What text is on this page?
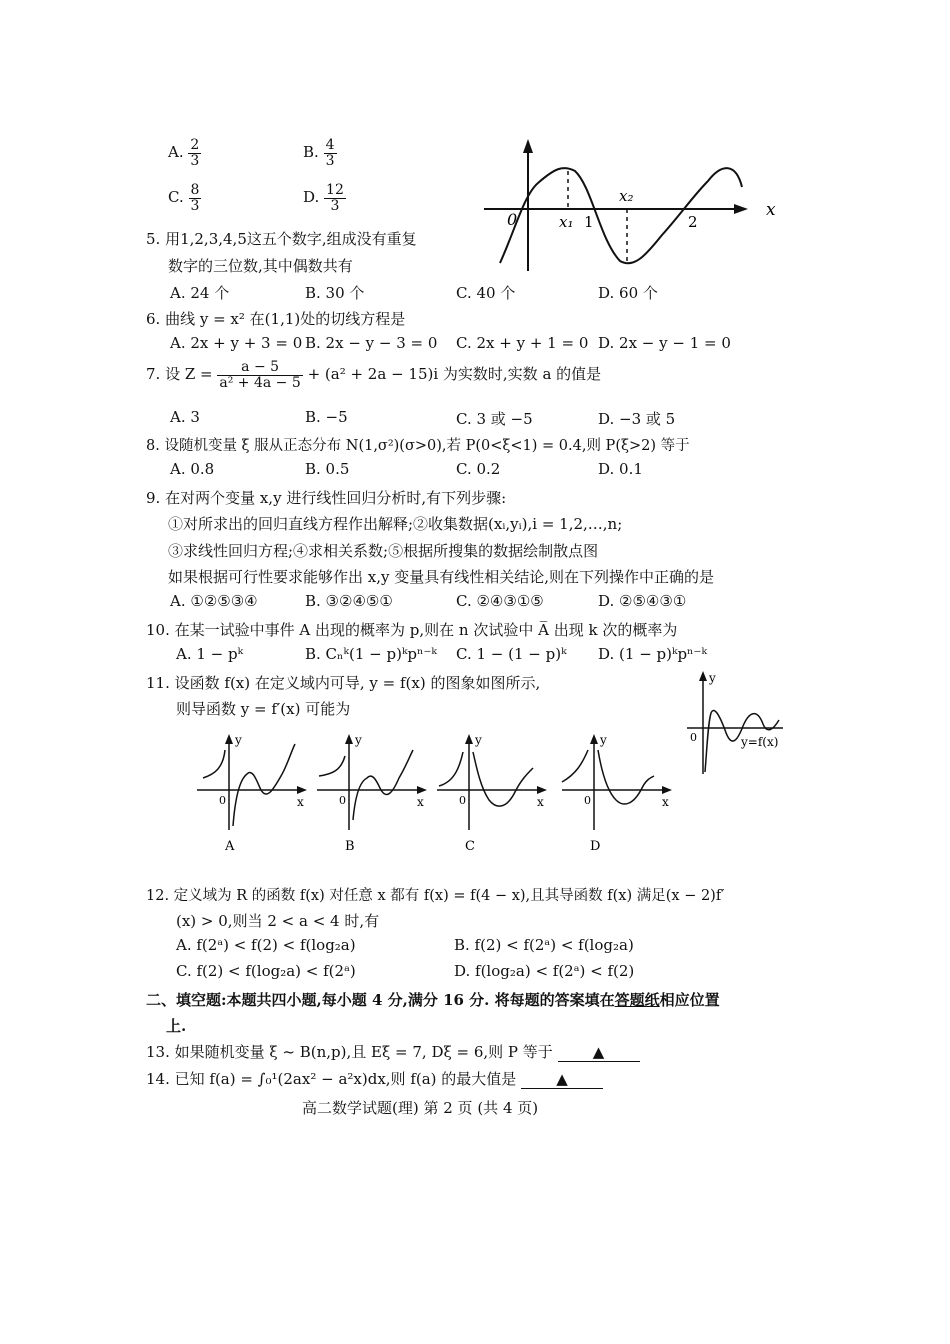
A. $\frac{2}{3}$	B. $\frac{4}{3}$
C. $\frac{8}{3}$	D. $\frac{12}{3}$
0	x₁ 1
x₂
2
x
5. 用1,2,3,4,5这五个数字,组成没有重复
数字的三位数,其中偶数共有
A. 24 个	B. 30 个	C. 40 个	D. 60 个
6. 曲线 y = x² 在(1,1)处的切线方程是
A. 2x + y + 3 = 0 B. 2x − y − 3 = 0 C. 2x + y + 1 = 0 D. 2x − y − 1 = 0
7. 设 $Z = \frac{a - 5}{\text{a² + 4a − 5}} + (a^2 + 2a - 15)i$ 为实数时,实数 a 的值是
A. 3	B. −5	C. 3 或 −5	D. −3 或 5
8. 设随机变量 ξ 服从正态分布 N(1,σ²)(σ>0),若 P(0<ξ<1) = 0.4,则 P(ξ>2) 等于
A. 0.8	B. 0.5	C. 0.2	D. 0.1
9. 在对两个变量 x,y 进行线性回归分析时,有下列步骤:
①对所求出的回归直线方程作出解释;②收集数据(xᵢ,yᵢ),i = 1,2,…,n;
③求线性回归方程;④求相关系数;⑤根据所搜集的数据绘制散点图
如果根据可行性要求能够作出 x,y 变量具有线性相关结论,则在下列操作中正确的是
A. ①②⑤③④	B. ③②④⑤①	C. ②④③①⑤	D. ②⑤④③①
10. 在某一试验中事件 A 出现的概率为 p,则在 n 次试验中 A̅ 出现 k 次的概率为
A. 1 − pᵏ	B. Cₙᵏ(1 − p)ᵏpⁿ⁻ᵏ C. 1 − (1 − p)ᵏ D. (1 − p)ᵏpⁿ⁻ᵏ
11. 设函数 f(x) 在定义域内可导, y = f(x) 的图象如图所示,
则导函数 y = f′(x) 可能为
y
0	y=f(x)
y
x
0
A
y
x
0
B
y
x
0
C
y
x
0
D
12. 定义域为 R 的函数 f(x) 对任意 x 都有 f(x) = f(4 − x),且其导函数 f(x) 满足(x − 2)f′
(x) > 0,则当 2 < a < 4 时,有
A. f(2ᵃ) < f(2) < f(log₂a)	B. f(2) < f(2ᵃ) < f(log₂a)
C. f(2) < f(log₂a) < f(2ᵃ)	D. f(log₂a) < f(2ᵃ) < f(2)
二、填空题:本题共四小题,每小题 4 分,满分 16 分. 将每题的答案填在答题纸相应位置
上.
13. 如果随机变量 ξ ~ B(n,p),且 Eξ = 7, Dξ = 6,则 P 等于	▲
14. 已知 f(a) = ∫₀¹(2ax² − a²x)dx,则 f(a) 的最大值是	▲
高二数学试题(理) 第 2 页 (共 4 页)
